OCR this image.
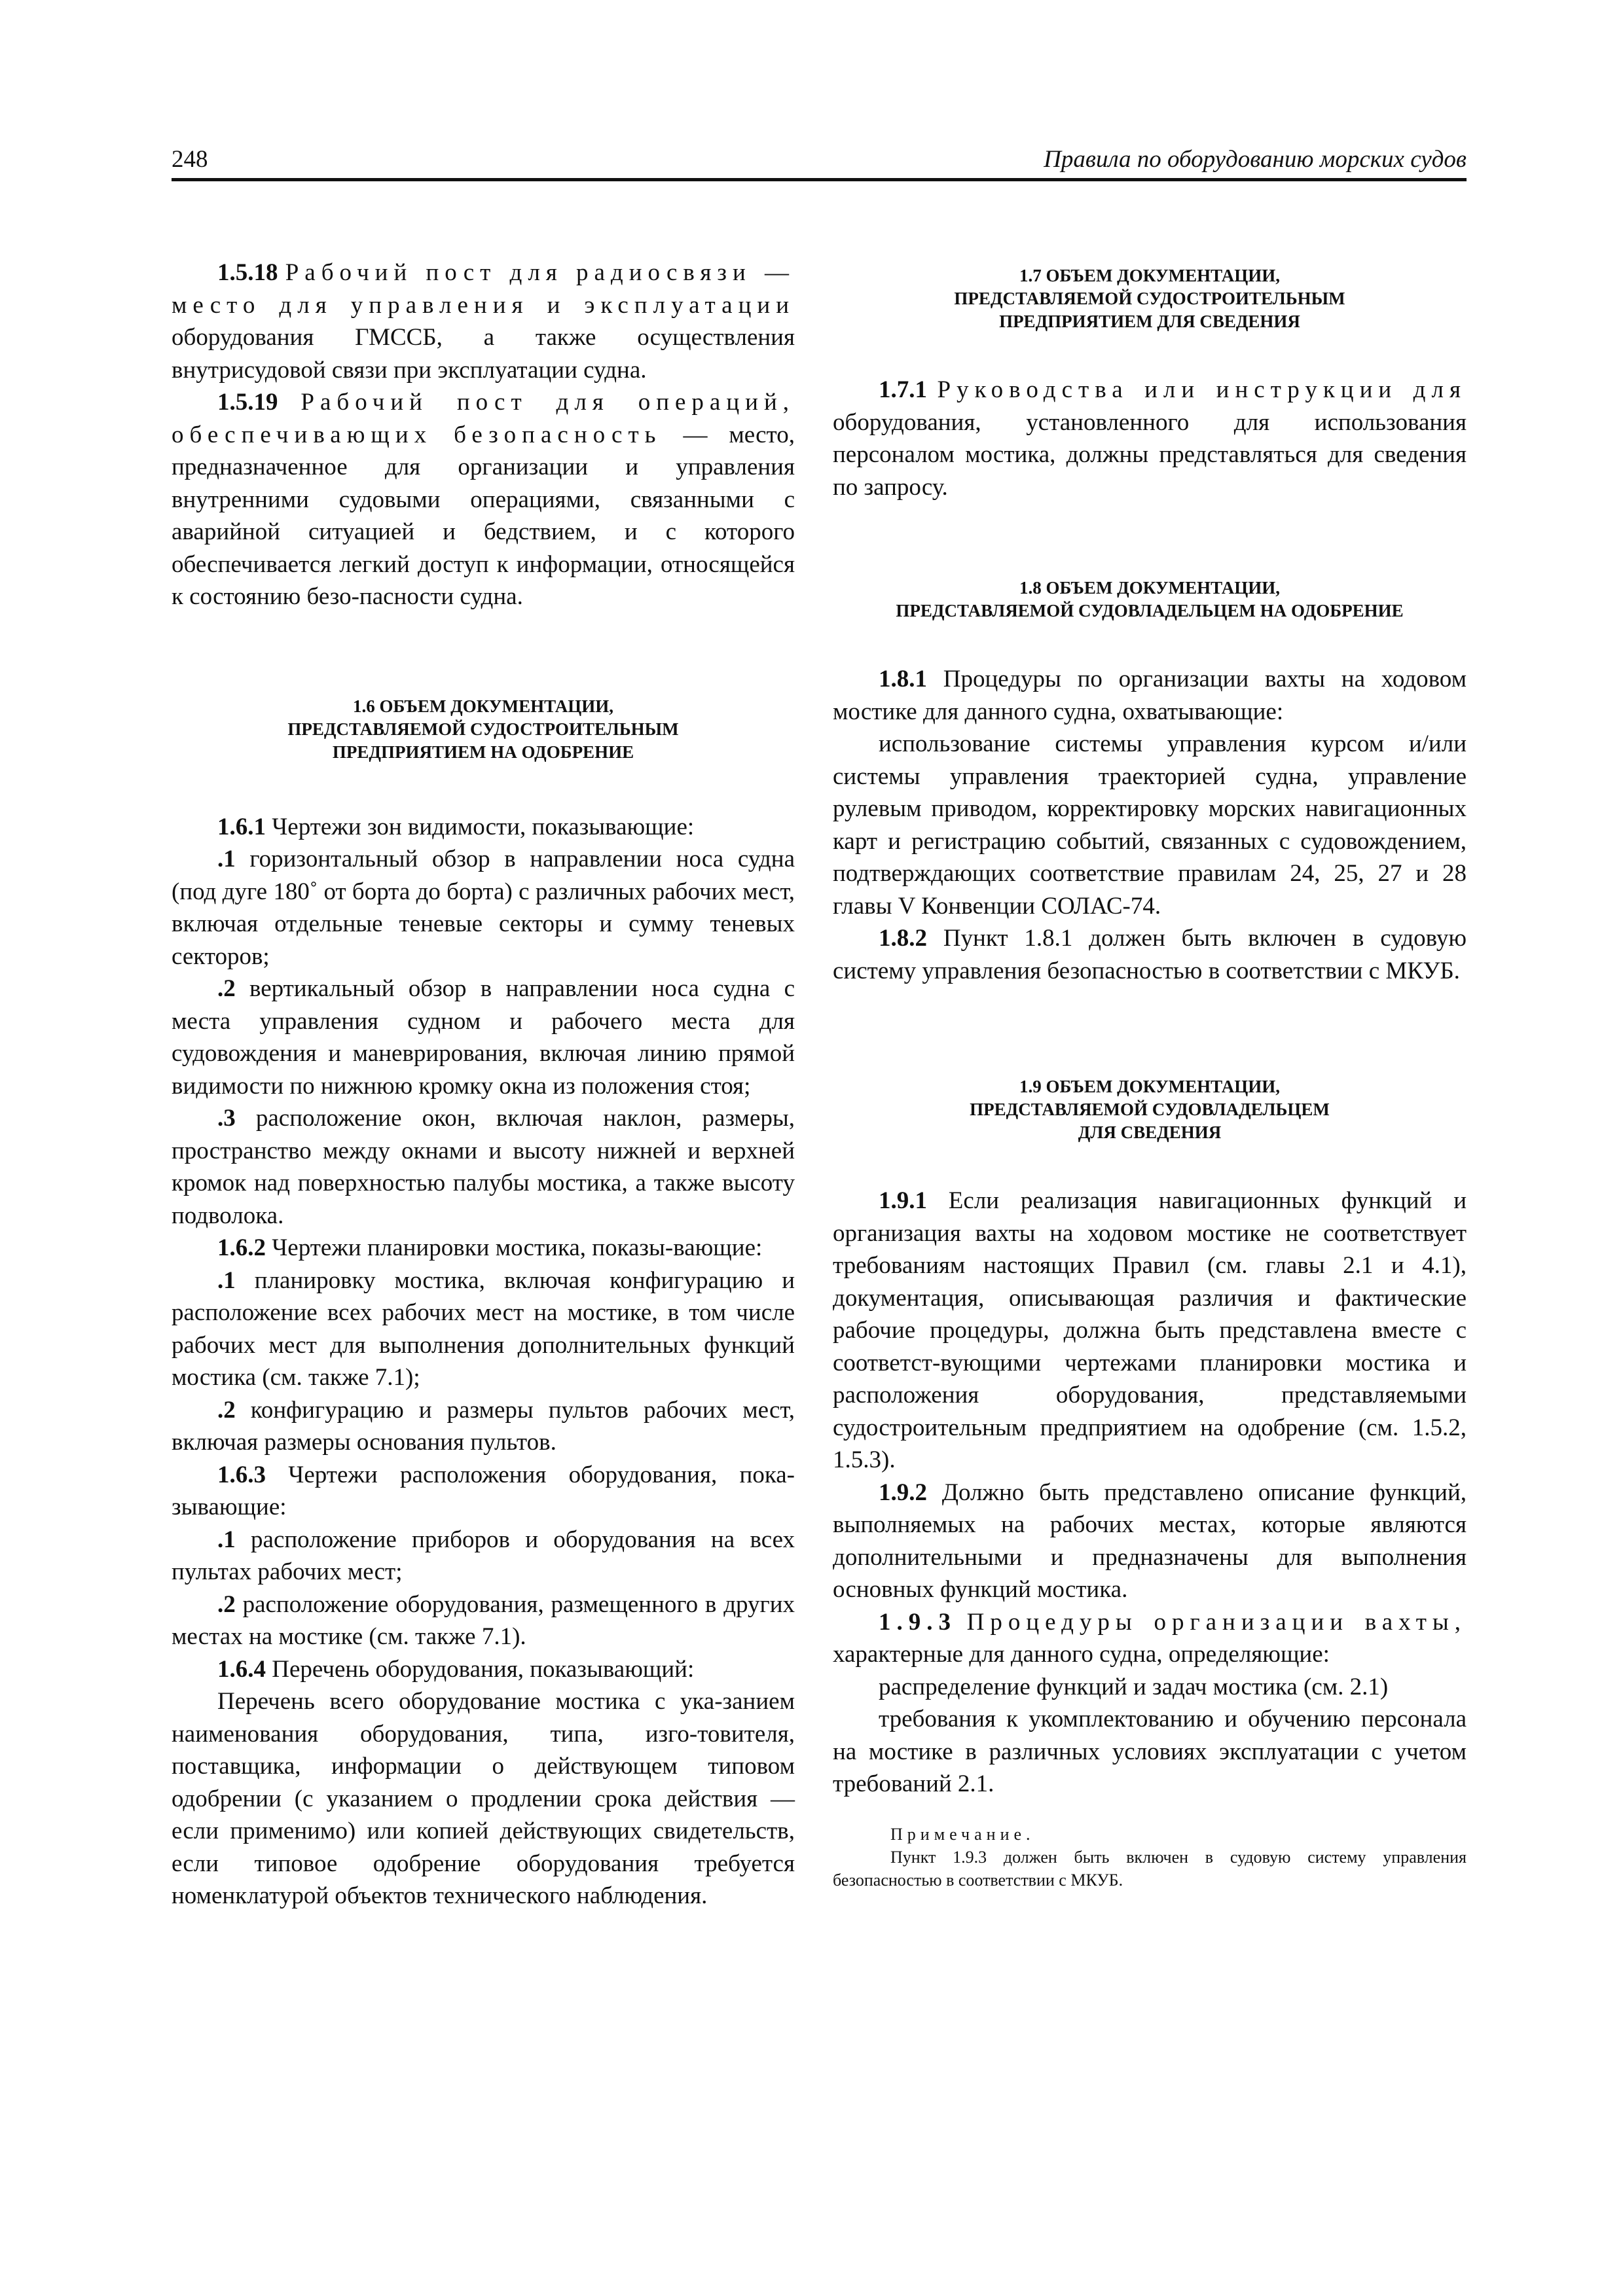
248	Правила по оборудованию морских судов

1.5.18 Рабочий пост для радиосвязи — место для управления и эксплуатации оборудования ГМССБ, а также осуществления внутрисудовой связи при эксплуатации судна.

1.5.19 Рабочий пост для операций, обеспечивающих безопасность — место, предназначенное для организации и управления внутренними судовыми операциями, связанными с аварийной ситуацией и бедствием, и с которого обеспечивается легкий доступ к информации, относящейся к состоянию безо-пасности судна.

1.6 ОБЪЕМ ДОКУМЕНТАЦИИ,
ПРЕДСТАВЛЯЕМОЙ СУДОСТРОИТЕЛЬНЫМ
ПРЕДПРИЯТИЕМ НА ОДОБРЕНИЕ

1.6.1 Чертежи зон видимости, показывающие:

.1 горизонтальный обзор в направлении носа судна (под дуге 180˚ от борта до борта) с различных рабочих мест, включая отдельные теневые секторы и сумму теневых секторов;

.2 вертикальный обзор в направлении носа судна с места управления судном и рабочего места для судовождения и маневрирования, включая линию прямой видимости по нижнюю кромку окна из положения стоя;

.3 расположение окон, включая наклон, размеры, пространство между окнами и высоту нижней и верхней кромок над поверхностью палубы мостика, а также высоту подволока.

1.6.2 Чертежи планировки мостика, показы-вающие:

.1 планировку мостика, включая конфигурацию и расположение всех рабочих мест на мостике, в том числе рабочих мест для выполнения дополнительных функций мостика (см. также 7.1);

.2 конфигурацию и размеры пультов рабочих мест, включая размеры основания пультов.

1.6.3 Чертежи расположения оборудования, пока-зывающие:

.1 расположение приборов и оборудования на всех пультах рабочих мест;

.2 расположение оборудования, размещенного в других местах на мостике (см. также 7.1).

1.6.4 Перечень оборудования, показывающий:

Перечень всего оборудование мостика с ука-занием наименования оборудования, типа, изго-товителя, поставщика, информации о действующем типовом одобрении (с указанием о продлении срока действия — если применимо) или копией действующих свидетельств, если типовое одобрение оборудования требуется номенклатурой объектов технического наблюдения.

1.7 ОБЪЕМ ДОКУМЕНТАЦИИ,
ПРЕДСТАВЛЯЕМОЙ СУДОСТРОИТЕЛЬНЫМ
ПРЕДПРИЯТИЕМ ДЛЯ СВЕДЕНИЯ

1.7.1 Руководства или инструкции для оборудования, установленного для использования персоналом мостика, должны представляться для сведения по запросу.

1.8 ОБЪЕМ ДОКУМЕНТАЦИИ,
ПРЕДСТАВЛЯЕМОЙ СУДОВЛАДЕЛЬЦЕМ НА ОДОБРЕНИЕ

1.8.1 Процедуры по организации вахты на ходовом мостике для данного судна, охватывающие:

использование системы управления курсом и/или системы управления траекторией судна, управление рулевым приводом, корректировку морских навигационных карт и регистрацию событий, связанных с судовождением, подтверждающих соответствие правилам 24, 25, 27 и 28 главы V Конвенции СОЛАС-74.

1.8.2 Пункт 1.8.1 должен быть включен в судовую систему управления безопасностью в соответствии с МКУБ.

1.9 ОБЪЕМ ДОКУМЕНТАЦИИ,
ПРЕДСТАВЛЯЕМОЙ СУДОВЛАДЕЛЬЦЕМ
ДЛЯ СВЕДЕНИЯ

1.9.1 Если реализация навигационных функций и организация вахты на ходовом мостике не соответствует требованиям настоящих Правил (см. главы 2.1 и 4.1), документация, описывающая различия и фактические рабочие процедуры, должна быть представлена вместе с соответст-вующими чертежами планировки мостика и расположения оборудования, представляемыми судостроительным предприятием на одобрение (см. 1.5.2, 1.5.3).

1.9.2 Должно быть представлено описание функций, выполняемых на рабочих местах, которые являются дополнительными и предназначены для выполнения основных функций мостика.

1.9.3 Процедуры организации вахты, характерные для данного судна, определяющие:

распределение функций и задач мостика (см. 2.1)

требования к укомплектованию и обучению персонала на мостике в различных условиях эксплуатации с учетом требований 2.1.

Примечание.

Пункт 1.9.3 должен быть включен в судовую систему управления безопасностью в соответствии с МКУБ.
